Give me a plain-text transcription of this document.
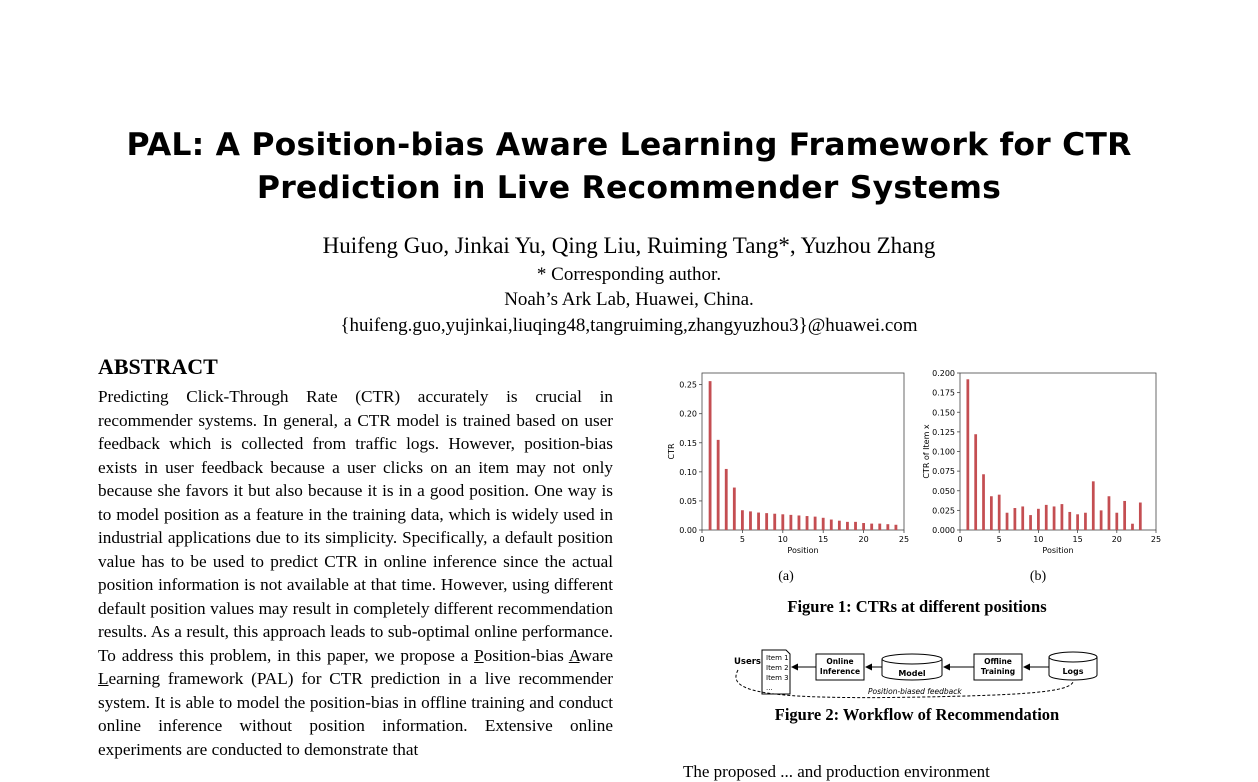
PAL: A Position-bias Aware Learning Framework for CTR
Prediction in Live Recommender Systems
Huifeng Guo, Jinkai Yu, Qing Liu, Ruiming Tang*, Yuzhou Zhang
* Corresponding author.
Noah’s Ark Lab, Huawei, China.
{huifeng.guo,yujinkai,liuqing48,tangruiming,zhangyuzhou3}@huawei.com
ABSTRACT
Predicting Click-Through Rate (CTR) accurately is crucial in recommender systems. In general, a CTR model is trained based on user feedback which is collected from traffic logs. However, position-bias exists in user feedback because a user clicks on an item may not only because she favors it but also because it is in a good position. One way is to model position as a feature in the training data, which is widely used in industrial applications due to its simplicity. Specifically, a default position value has to be used to predict CTR in online inference since the actual position information is not available at that time. However, using different default position values may result in completely different recommendation results. As a result, this approach leads to sub-optimal online performance. To address this problem, in this paper, we propose a Position-bias Aware Learning framework (PAL) for CTR prediction in a live recommender system. It is able to model the position-bias in offline training and conduct online inference without position information. Extensive online experiments are conducted to demonstrate that
0	5	10	15	20	25
0.00
0.05
0.10
0.15
0.20
0.25
Position
CTR
0	5	10	15	20	25
0.000
0.025
0.050
0.075
0.100
0.125
0.150
0.175
0.200
Position
CTR of Item x
(a)	(b)
Figure 1: CTRs at different positions
Users Item 1
Item 2
Item 3
...
Online
Inference	Model
Offline
Training	Logs
Position-biased feedback
Figure 2: Workflow of Recommendation
The proposed ... and production environment
